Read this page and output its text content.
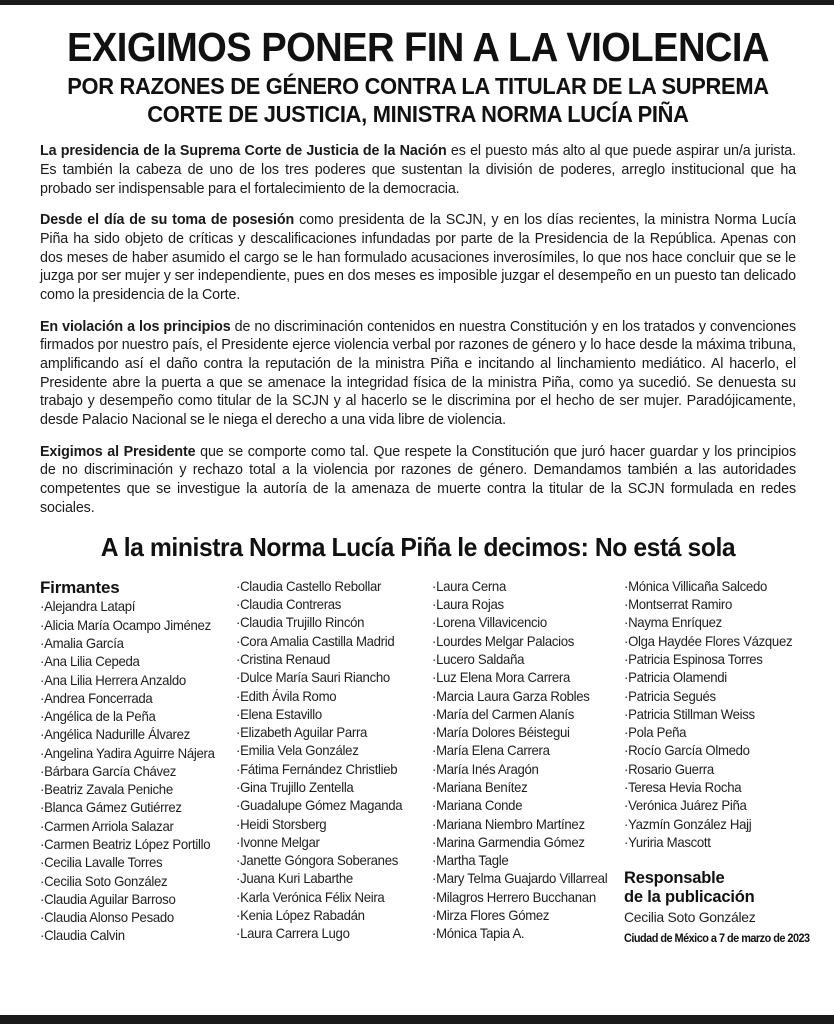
EXIGIMOS PONER FIN A LA VIOLENCIA
POR RAZONES DE GÉNERO CONTRA LA TITULAR DE LA SUPREMA
CORTE DE JUSTICIA, MINISTRA NORMA LUCÍA PIÑA

La presidencia de la Suprema Corte de Justicia de la Nación es el puesto más alto al que puede aspirar un/a jurista. Es también la cabeza de uno de los tres poderes que sustentan la división de poderes, arreglo institucional que ha probado ser indispensable para el fortalecimiento de la democracia.

Desde el día de su toma de posesión como presidenta de la SCJN, y en los días recientes, la ministra Norma Lucía Piña ha sido objeto de críticas y descalificaciones infundadas por parte de la Presidencia de la República. Apenas con dos meses de haber asumido el cargo se le han formulado acusaciones inverosímiles, lo que nos hace concluir que se le juzga por ser mujer y ser independiente, pues en dos meses es imposible juzgar el desempeño en un puesto tan delicado como la presidencia de la Corte.

En violación a los principios de no discriminación contenidos en nuestra Constitución y en los tratados y convenciones firmados por nuestro país, el Presidente ejerce violencia verbal por razones de género y lo hace desde la máxima tribuna, amplificando así el daño contra la reputación de la ministra Piña e incitando al linchamiento mediático. Al hacerlo, el Presidente abre la puerta a que se amenace la integridad física de la ministra Piña, como ya sucedió. Se denuesta su trabajo y desempeño como titular de la SCJN y al hacerlo se le discrimina por el hecho de ser mujer. Paradójicamente, desde Palacio Nacional se le niega el derecho a una vida libre de violencia.

Exigimos al Presidente que se comporte como tal. Que respete la Constitución que juró hacer guardar y los principios de no discriminación y rechazo total a la violencia por razones de género. Demandamos también a las autoridades competentes que se investigue la autoría de la amenaza de muerte contra la titular de la SCJN formulada en redes sociales.

A la ministra Norma Lucía Piña le decimos: No está sola
Firmantes
· Alejandra Latapí
· Alicia María Ocampo Jiménez
· Amalia García
· Ana Lilia Cepeda
· Ana Lilia Herrera Anzaldo
· Andrea Foncerrada
· Angélica de la Peña
· Angélica Nadurille Álvarez
· Angelina Yadira Aguirre Nájera
· Bárbara García Chávez
· Beatriz Zavala Peniche
· Blanca Gámez Gutiérrez
· Carmen Arriola Salazar
· Carmen Beatriz López Portillo
· Cecilia Lavalle Torres
· Cecilia Soto González
· Claudia Aguilar Barroso
· Claudia Alonso Pesado
· Claudia Calvin
· Claudia Castello Rebollar
· Claudia Contreras
· Claudia Trujillo Rincón
· Cora Amalia Castilla Madrid
· Cristina Renaud
· Dulce María Sauri Riancho
· Edith Ávila Romo
· Elena Estavillo
· Elizabeth Aguilar Parra
· Emilia Vela González
· Fátima Fernández Christlieb
· Gina Trujillo Zentella
· Guadalupe Gómez Maganda
· Heidi Storsberg
· Ivonne Melgar
· Janette Góngora Soberanes
· Juana Kuri Labarthe
· Karla Verónica Félix Neira
· Kenia López Rabadán
· Laura Carrera Lugo
· Laura Cerna
· Laura Rojas
· Lorena Villavicencio
· Lourdes Melgar Palacios
· Lucero Saldaña
· Luz Elena Mora Carrera
· Marcia Laura Garza Robles
· María del Carmen Alanís
· María Dolores Béistegui
· María Elena Carrera
· María Inés Aragón
· Mariana Benítez
· Mariana Conde
· Mariana Niembro Martínez
· Marina Garmendia Gómez
· Martha Tagle
· Mary Telma Guajardo Villarreal
· Milagros Herrero Bucchanan
· Mirza Flores Gómez
· Mónica Tapia A.
· Mónica Villicaña Salcedo
· Montserrat Ramiro
· Nayma Enríquez
· Olga Haydée Flores Vázquez
· Patricia Espinosa Torres
· Patricia Olamendi
· Patricia Segués
· Patricia Stillman Weiss
· Pola Peña
· Rocío García Olmedo
· Rosario Guerra
· Teresa Hevia Rocha
· Verónica Juárez Piña
· Yazmín González Hajj
· Yuriria Mascott
Responsable
de la publicación
Cecilia Soto González
Ciudad de México a 7 de marzo de 2023
